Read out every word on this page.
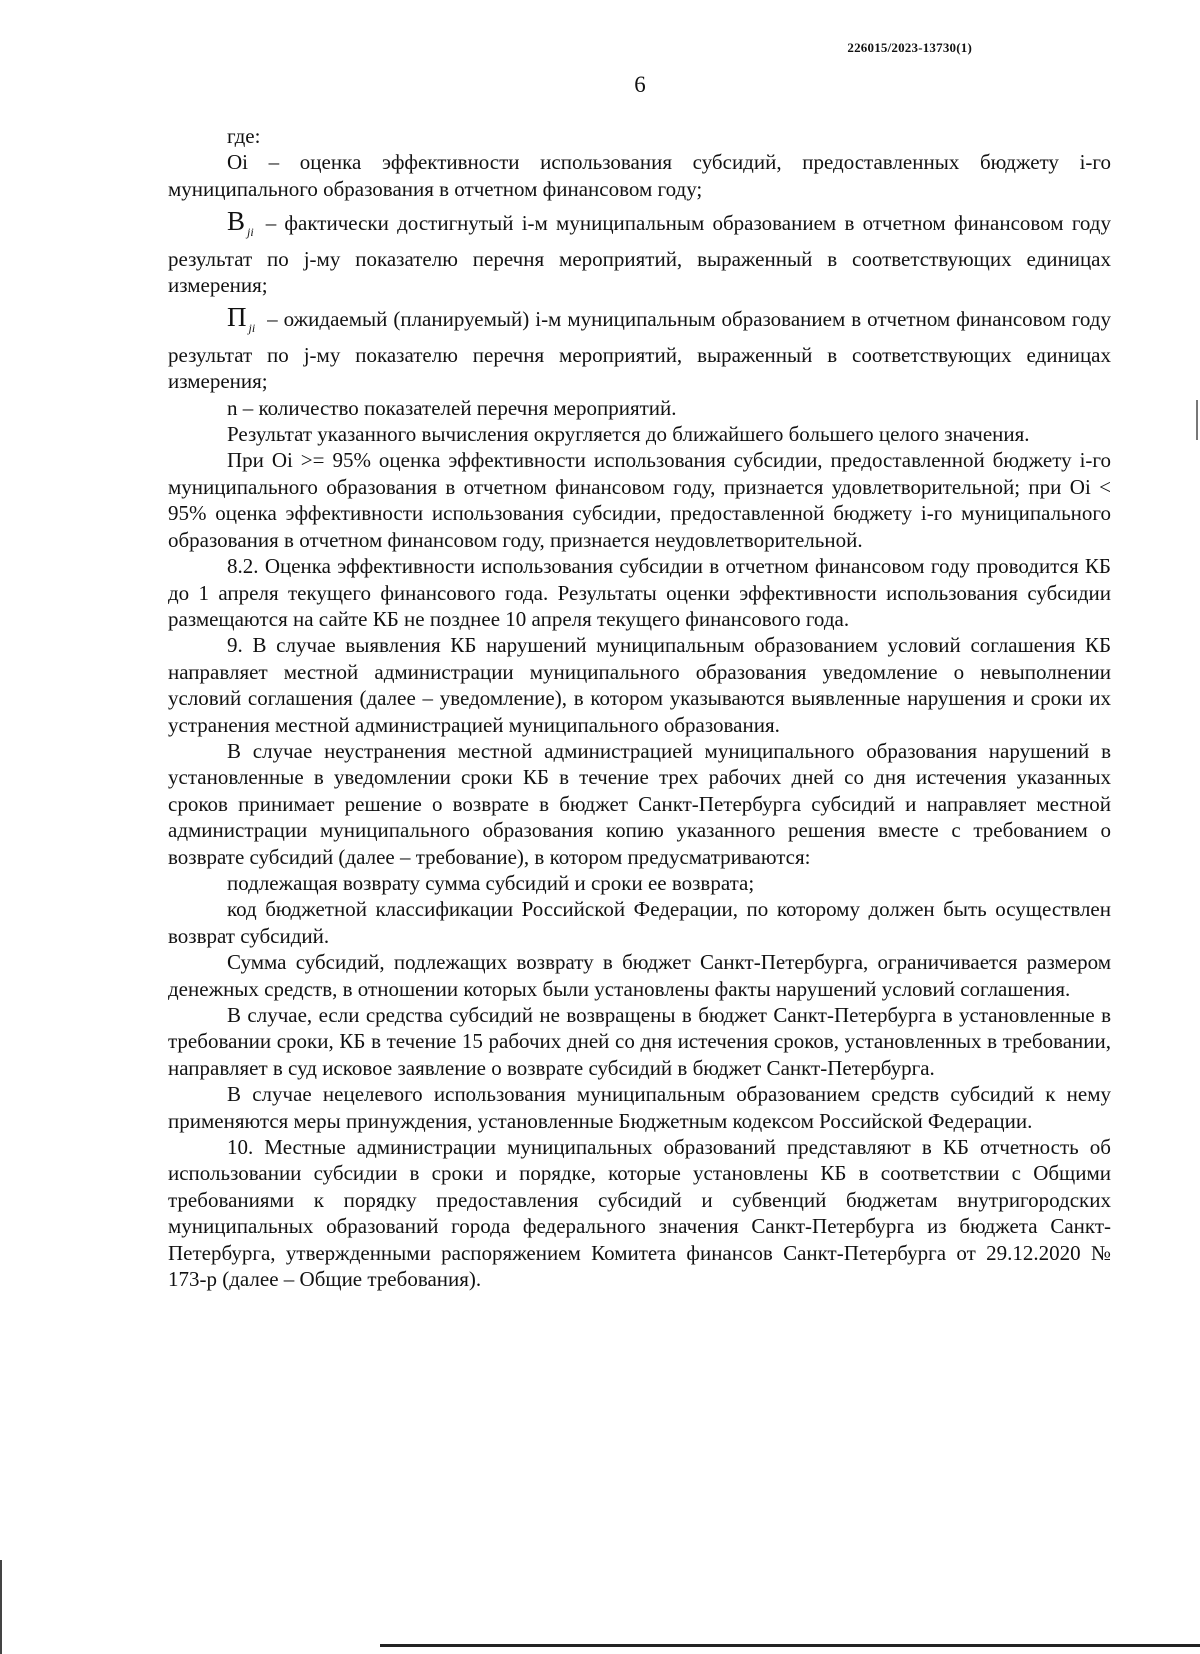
226015/2023-13730(1)
6

где:

Oi – оценка эффективности использования субсидий, предоставленных бюджету i-го муниципального образования в отчетном финансовом году;

В $_{ji}$ – фактически достигнутый i-м муниципальным образованием в отчетном финансовом году результат по j-му показателю перечня мероприятий, выраженный в соответствующих единицах измерения;

П $_{ji}$ – ожидаемый (планируемый) i-м муниципальным образованием в отчетном финансовом году результат по j-му показателю перечня мероприятий, выраженный в соответствующих единицах измерения;

n – количество показателей перечня мероприятий.

Результат указанного вычисления округляется до ближайшего большего целого значения.

При Oi >= 95% оценка эффективности использования субсидии, предоставленной бюджету i-го муниципального образования в отчетном финансовом году, признается удовлетворительной; при Oi < 95% оценка эффективности использования субсидии, предоставленной бюджету i-го муниципального образования в отчетном финансовом году, признается неудовлетворительной.

8.2. Оценка эффективности использования субсидии в отчетном финансовом году проводится КБ до 1 апреля текущего финансового года. Результаты оценки эффективности использования субсидии размещаются на сайте КБ не позднее 10 апреля текущего финансового года.

9. В случае выявления КБ нарушений муниципальным образованием условий соглашения КБ направляет местной администрации муниципального образования уведомление о невыполнении условий соглашения (далее – уведомление), в котором указываются выявленные нарушения и сроки их устранения местной администрацией муниципального образования.

В случае неустранения местной администрацией муниципального образования нарушений в установленные в уведомлении сроки КБ в течение трех рабочих дней со дня истечения указанных сроков принимает решение о возврате в бюджет Санкт-Петербурга субсидий и направляет местной администрации муниципального образования копию указанного решения вместе с требованием о возврате субсидий (далее – требование), в котором предусматриваются:

подлежащая возврату сумма субсидий и сроки ее возврата;

код бюджетной классификации Российской Федерации, по которому должен быть осуществлен возврат субсидий.

Сумма субсидий, подлежащих возврату в бюджет Санкт-Петербурга, ограничивается размером денежных средств, в отношении которых были установлены факты нарушений условий соглашения.

В случае, если средства субсидий не возвращены в бюджет Санкт-Петербурга в установленные в требовании сроки, КБ в течение 15 рабочих дней со дня истечения сроков, установленных в требовании, направляет в суд исковое заявление о возврате субсидий в бюджет Санкт-Петербурга.

В случае нецелевого использования муниципальным образованием средств субсидий к нему применяются меры принуждения, установленные Бюджетным кодексом Российской Федерации.

10. Местные администрации муниципальных образований представляют в КБ отчетность об использовании субсидии в сроки и порядке, которые установлены КБ в соответствии с Общими требованиями к порядку предоставления субсидий и субвенций бюджетам внутригородских муниципальных образований города федерального значения Санкт-Петербурга из бюджета Санкт-Петербурга, утвержденными распоряжением Комитета финансов Санкт-Петербурга от 29.12.2020 № 173-р (далее – Общие требования).
